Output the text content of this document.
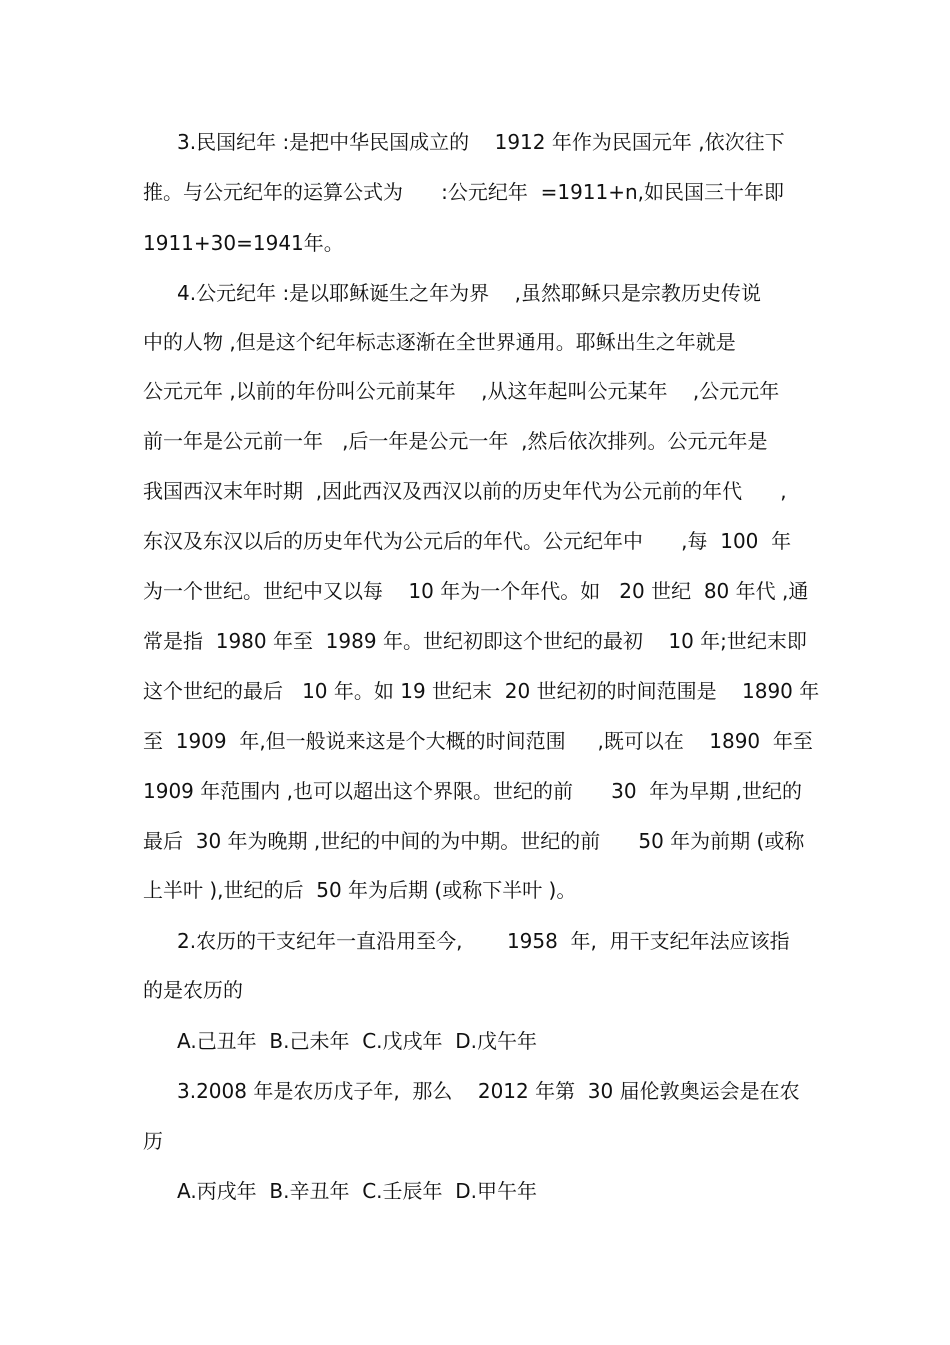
3.民国纪年 :是把中华民国成立的    1912 年作为民国元年 ,依次往下
推。与公元纪年的运算公式为      :公元纪年  =1911+n,如民国三十年即
1911+30=1941年。
4.公元纪年 :是以耶稣诞生之年为界    ,虽然耶稣只是宗教历史传说
中的人物 ,但是这个纪年标志逐渐在全世界通用。耶稣出生之年就是
公元元年 ,以前的年份叫公元前某年    ,从这年起叫公元某年    ,公元元年
前一年是公元前一年   ,后一年是公元一年  ,然后依次排列。公元元年是
我国西汉末年时期  ,因此西汉及西汉以前的历史年代为公元前的年代      ,
东汉及东汉以后的历史年代为公元后的年代。公元纪年中      ,每  100  年
为一个世纪。世纪中又以每    10 年为一个年代。如   20 世纪  80 年代 ,通
常是指  1980 年至  1989 年。世纪初即这个世纪的最初    10 年;世纪末即
这个世纪的最后   10 年。如 19 世纪末  20 世纪初的时间范围是    1890 年
至  1909  年,但一般说来这是个大概的时间范围     ,既可以在    1890  年至
1909 年范围内 ,也可以超出这个界限。世纪的前      30  年为早期 ,世纪的
最后  30 年为晚期 ,世纪的中间的为中期。世纪的前      50 年为前期 (或称
上半叶 ),世纪的后  50 年为后期 (或称下半叶 )。
2.农历的干支纪年一直沿用至今,       1958  年,  用干支纪年法应该指
的是农历的
A.己丑年  B.己未年  C.戊戌年  D.戊午年
3.2008 年是农历戊子年,  那么    2012 年第  30 届伦敦奥运会是在农
历
A.丙戌年  B.辛丑年  C.壬辰年  D.甲午年
